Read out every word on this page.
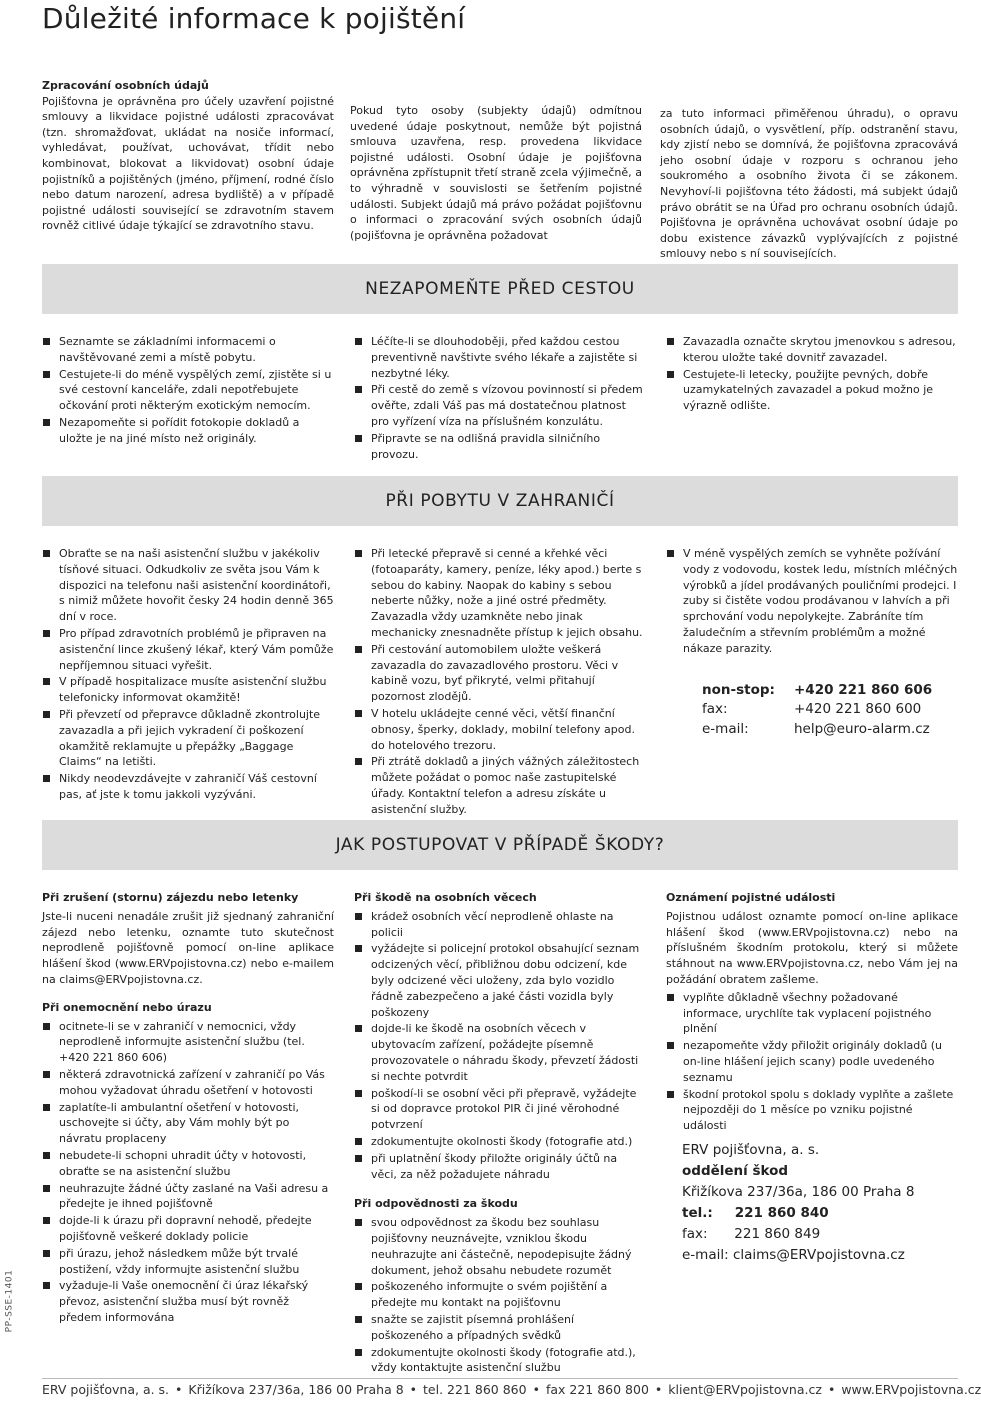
Důležité informace k pojištění
Zpracování osobních údajů
Pojišťovna je oprávněna pro účely uzavření pojistné smlouvy a likvidace pojistné události zpracovávat (tzn. shromažďovat, ukládat na nosiče informací, vyhledávat, používat, uchovávat, třídit nebo kombinovat, blokovat a likvidovat) osobní údaje pojistníků a pojištěných (jméno, příjmení, rodné číslo nebo datum narození, adresa bydliště) a v případě pojistné události související se zdravotním stavem rovněž citlivé údaje týkající se zdravotního stavu.
Pokud tyto osoby (subjekty údajů) odmítnou uvedené údaje poskytnout, nemůže být pojistná smlouva uzavřena, resp. provedena likvidace pojistné události. Osobní údaje je pojišťovna oprávněna zpřístupnit třetí straně zcela výjimečně, a to výhradně v souvislosti se šetřením pojistné události. Subjekt údajů má právo požádat pojišťovnu o informaci o zpracování svých osobních údajů (pojišťovna je oprávněna požadovat
za tuto informaci přiměřenou úhradu), o opravu osobních údajů, o vysvětlení, příp. odstranění stavu, kdy zjistí nebo se domnívá, že pojišťovna zpracovává jeho osobní údaje v rozporu s ochranou jeho soukromého a osobního života či se zákonem. Nevyhoví-li pojišťovna této žádosti, má subjekt údajů právo obrátit se na Úřad pro ochranu osobních údajů. Pojišťovna je oprávněna uchovávat osobní údaje po dobu existence závazků vyplývajících z pojistné smlouvy nebo s ní souvisejících.
NEZAPOMEŇTE PŘED CESTOU
Seznamte se základními informacemi o navštěvované zemi a místě pobytu.
Cestujete-li do méně vyspělých zemí, zjistěte si u své cestovní kanceláře, zdali nepotřebujete očkování proti některým exotickým nemocím.
Nezapomeňte si pořídit fotokopie dokladů a uložte je na jiné místo než originály.
Léčíte-li se dlouhodoběji, před každou cestou preventivně navštivte svého lékaře a zajistěte si nezbytné léky.
Při cestě do země s vízovou povinností si předem ověřte, zdali Váš pas má dostatečnou platnost pro vyřízení víza na příslušném konzulátu.
Připravte se na odlišná pravidla silničního provozu.
Zavazadla označte skrytou jmenovkou s adresou, kterou uložte také dovnitř zavazadel.
Cestujete-li letecky, použijte pevných, dobře uzamykatelných zavazadel a pokud možno je výrazně odlište.
PŘI POBYTU V ZAHRANIČÍ
Obraťte se na naši asistenční službu v jakékoliv tísňové situaci. Odkudkoliv ze světa jsou Vám k dispozici na telefonu naši asistenční koordinátoři, s nimiž můžete hovořit česky 24 hodin denně 365 dní v roce.
Pro případ zdravotních problémů je připraven na asistenční lince zkušený lékař, který Vám pomůže nepříjemnou situaci vyřešit.
V případě hospitalizace musíte asistenční službu telefonicky informovat okamžitě!
Při převzetí od přepravce důkladně zkontrolujte zavazadla a při jejich vykradení či poškození okamžitě reklamujte u přepážky „Baggage Claims“ na letišti.
Nikdy neodevzdávejte v zahraničí Váš cestovní pas, ať jste k tomu jakkoli vyzýváni.
Při letecké přepravě si cenné a křehké věci (fotoaparáty, kamery, peníze, léky apod.) berte s sebou do kabiny. Naopak do kabiny s sebou neberte nůžky, nože a jiné ostré předměty. Zavazadla vždy uzamkněte nebo jinak mechanicky znesnadněte přístup k jejich obsahu.
Při cestování automobilem uložte veškerá zavazadla do zavazadlového prostoru. Věci v kabině vozu, byť přikryté, velmi přitahují pozornost zlodějů.
V hotelu ukládejte cenné věci, větší finanční obnosy, šperky, doklady, mobilní telefony apod. do hotelového trezoru.
Při ztrátě dokladů a jiných vážných záležitostech můžete požádat o pomoc naše zastupitelské úřady. Kontaktní telefon a adresu získáte u asistenční služby.
V méně vyspělých zemích se vyhněte požívání vody z vodovodu, kostek ledu, místních mléčných výrobků a jídel prodávaných pouličními prodejci. I zuby si čistěte vodou prodávanou v lahvích a při sprchování vodu nepolykejte. Zabráníte tím žaludečním a střevním problémům a možné nákaze parazity.
non-stop:	+420 221 860 606
fax:	+420 221 860 600
e-mail:	help@euro-alarm.cz
JAK POSTUPOVAT V PŘÍPADĚ ŠKODY?
Při zrušení (stornu) zájezdu nebo letenky

Jste-li nuceni nenadále zrušit již sjednaný zahraniční zájezd nebo letenku, oznamte tuto skutečnost neprodleně pojišťovně pomocí on-line aplikace hlášení škod (www.ERVpojistovna.cz) nebo e-mailem na claims@ERVpojistovna.cz.

Při onemocnění nebo úrazu
ocitnete-li se v zahraničí v nemocnici, vždy neprodleně informujte asistenční službu (tel. +420 221 860 606)
některá zdravotnická zařízení v zahraničí po Vás mohou vyžadovat úhradu ošetření v hotovosti
zaplatíte-li ambulantní ošetření v hotovosti, uschovejte si účty, aby Vám mohly být po návratu proplaceny
nebudete-li schopni uhradit účty v hotovosti, obraťte se na asistenční službu
neuhrazujte žádné účty zaslané na Vaši adresu a předejte je ihned pojišťovně
dojde-li k úrazu při dopravní nehodě, předejte pojišťovně veškeré doklady policie
při úrazu, jehož následkem může být trvalé postižení, vždy informujte asistenční službu
vyžaduje-li Vaše onemocnění či úraz lékařský převoz, asistenční služba musí být rovněž předem informována
Při škodě na osobních věcech
krádež osobních věcí neprodleně ohlaste na policii
vyžádejte si policejní protokol obsahující seznam odcizených věcí, přibližnou dobu odcizení, kde byly odcizené věci uloženy, zda bylo vozidlo řádně zabezpečeno a jaké části vozidla byly poškozeny
dojde-li ke škodě na osobních věcech v ubytovacím zařízení, požádejte písemně provozovatele o náhradu škody, převzetí žádosti si nechte potvrdit
poškodí-li se osobní věci při přepravě, vyžádejte si od dopravce protokol PIR či jiné věrohodné potvrzení
zdokumentujte okolnosti škody (fotografie atd.)
při uplatnění škody přiložte originály účtů na věci, za něž požadujete náhradu
Při odpovědnosti za škodu
svou odpovědnost za škodu bez souhlasu pojišťovny neuznávejte, vzniklou škodu neuhrazujte ani částečně, nepodepisujte žádný dokument, jehož obsahu nebudete rozumět
poškozeného informujte o svém pojištění a předejte mu kontakt na pojišťovnu
snažte se zajistit písemná prohlášení poškozeného a případných svědků
zdokumentujte okolnosti škody (fotografie atd.), vždy kontaktujte asistenční službu
Oznámení pojistné události

Pojistnou událost oznamte pomocí on-line aplikace hlášení škod (www.ERVpojistovna.cz) nebo na příslušném škodním protokolu, který si můžete stáhnout na www.ERVpojistovna.cz, nebo Vám jej na požádání obratem zašleme.

vyplňte důkladně všechny požadované informace, urychlíte tak vyplacení pojistného plnění
nezapomeňte vždy přiložit originály dokladů (u on-line hlášení jejich scany) podle uvedeného seznamu
škodní protokol spolu s doklady vyplňte a zašlete nejpozději do 1 měsíce po vzniku pojistné události
ERV pojišťovna, a. s.
oddělení škod
Křižíkova 237/36a, 186 00 Praha 8
tel.: 221 860 840
fax: 221 860 849
e-mail: claims@ERVpojistovna.cz
PP-SSE-1401
ERV pojišťovna, a. s. • Křižíkova 237/36a, 186 00 Praha 8 • tel. 221 860 860 • fax 221 860 800 • klient@ERVpojistovna.cz • www.ERVpojistovna.cz
